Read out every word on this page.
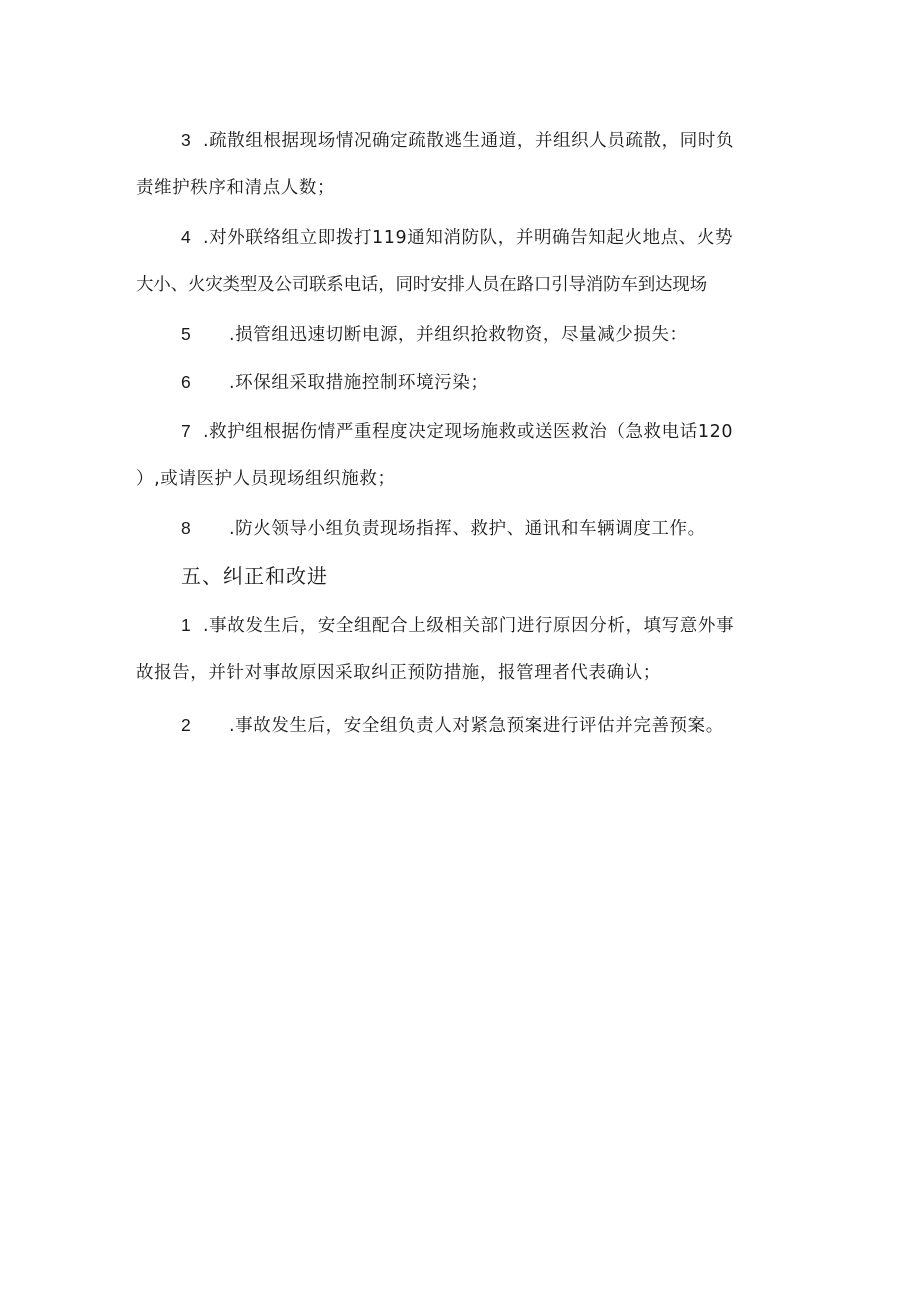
3 .疏散组根据现场情况确定疏散逃生通道，并组织人员疏散，同时负
责维护秩序和清点人数；
4 .对外联络组立即拨打119通知消防队，并明确告知起火地点、火势
大小、火灾类型及公司联系电话，同时安排人员在路口引导消防车到达现场
5 .损管组迅速切断电源，并组织抢救物资，尽量减少损失：
6 .环保组采取措施控制环境污染；
7 .救护组根据伤情严重程度决定现场施救或送医救治（急救电话120
）,或请医护人员现场组织施救；
8 .防火领导小组负责现场指挥、救护、通讯和车辆调度工作。
五、纠正和改进
1 .事故发生后，安全组配合上级相关部门进行原因分析，填写意外事
故报告，并针对事故原因采取纠正预防措施，报管理者代表确认；
2 .事故发生后，安全组负责人对紧急预案进行评估并完善预案。
